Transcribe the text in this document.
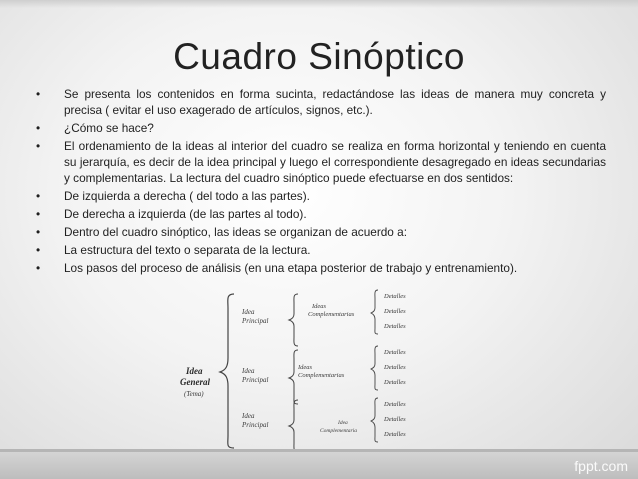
Cuadro Sinóptico
• Se presenta los contenidos en forma sucinta, redactándose las ideas de manera muy concreta y precisa ( evitar el uso exagerado de artículos, signos, etc.).
• ¿Cómo se hace?
• El ordenamiento de la ideas al interior del cuadro se realiza en forma horizontal y teniendo en cuenta su jerarquía, es decir de la idea principal y luego el correspondiente desagregado en ideas secundarias y complementarias. La lectura del cuadro sinóptico puede efectuarse en dos sentidos:
• De izquierda a derecha ( del todo a las partes).
• De derecha a izquierda (de las partes al todo).
• Dentro del cuadro sinóptico, las ideas se organizan de acuerdo a:
• La estructura del texto o separata de la lectura.
• Los pasos del proceso de análisis (en una etapa posterior de trabajo y entrenamiento).
Idea
General
(Tema)
Idea
Principal
Idea
Principal
Idea
Principal
Ideas
Complementarias
Ideas
Complementarias
Idea
Complementaria
Detalles
Detalles
Detalles
Detalles
Detalles
Detalles
Detalles
Detalles
Detalles
fppt.com
